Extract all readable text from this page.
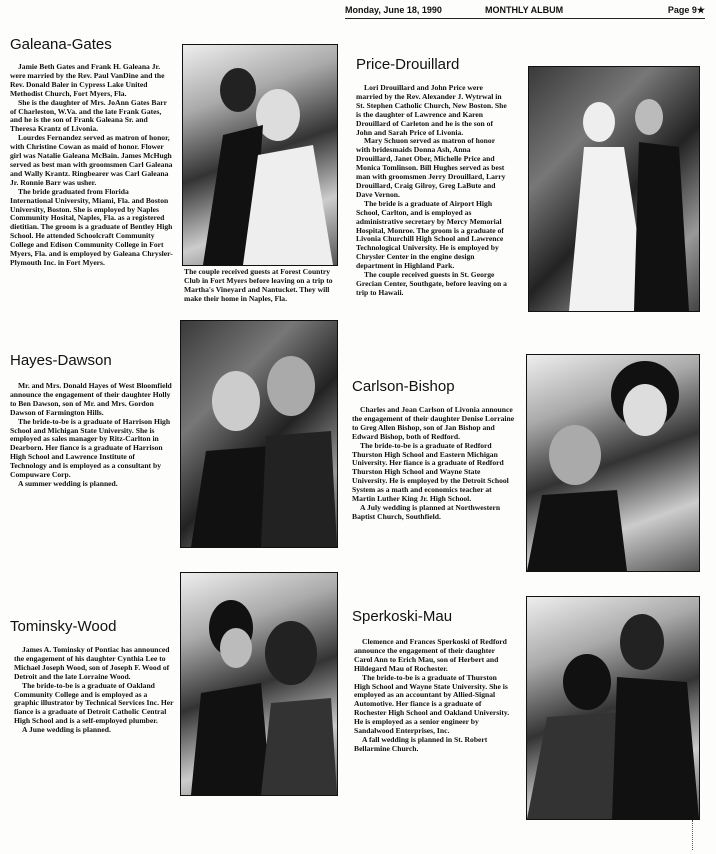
Monday, June 18, 1990	MONTHLY ALBUM	Page 9★
Galeana-Gates

Jamie Beth Gates and Frank H. Galeana Jr. were married by the Rev. Paul VanDine and the Rev. Donald Baler in Cypress Lake United Methodist Church, Fort Myers, Fla.

She is the daughter of Mrs. JoAnn Gates Barr of Charleston, W.Va. and the late Frank Gates, and he is the son of Frank Galeana Sr. and Theresa Krantz of Livonia.

Lourdes Fernandez served as matron of honor, with Christine Cowan as maid of honor. Flower girl was Natalie Galeana McBain. James McHugh served as best man with groomsmen Carl Galeana and Wally Krantz. Ringbearer was Carl Galeana Jr. Ronnie Barr was usher.

The bride graduated from Florida International University, Miami, Fla. and Boston University, Boston. She is employed by Naples Community Hosital, Naples, Fla. as a registered dietitian. The groom is a graduate of Bentley High School. He attended Schoolcraft Community College and Edison Community College in Fort Myers, Fla. and is employed by Galeana Chrysler-Plymouth Inc. in Fort Myers.

The couple received guests at Forest Country Club in Fort Myers before leaving on a trip to Martha's Vineyard and Nantucket. They will make their home in Naples, Fla.
Price-Drouillard

Lori Drouillard and John Price were married by the Rev. Alexander J. Wytrwal in St. Stephen Catholic Church, New Boston. She is the daughter of Lawrence and Karen Drouillard of Carleton and he is the son of John and Sarah Price of Livonia.

Mary Schuon served as matron of honor with bridesmaids Donna Ash, Anna Drouillard, Janet Ober, Michelle Price and Monica Tomlinson. Bill Hughes served as best man with groomsmen Jerry Drouillard, Larry Drouillard, Craig Gilroy, Greg LaBute and Dave Vernon.

The bride is a graduate of Airport High School, Carlton, and is employed as administrative secretary by Mercy Memorial Hospital, Monroe. The groom is a graduate of Livonia Churchill High School and Lawrence Technological University. He is employed by Chrysler Center in the engine design department in Highland Park.

The couple received guests in St. George Grecian Center, Southgate, before leaving on a trip to Hawaii.

Hayes-Dawson

Mr. and Mrs. Donald Hayes of West Bloomfield announce the engagement of their daughter Holly to Ben Dawson, son of Mr. and Mrs. Gordon Dawson of Farmington Hills.

The bride-to-be is a graduate of Harrison High School and Michigan State University. She is employed as sales manager by Ritz-Carlton in Dearborn. Her fiance is a graduate of Harrison High School and Lawrence Institute of Technology and is employed as a consultant by Compuware Corp.

A summer wedding is planned.

Carlson-Bishop

Charles and Joan Carlson of Livonia announce the engagement of their daughter Denise Lorraine to Greg Allen Bishop, son of Jan Bishop and Edward Bishop, both of Redford.

The bride-to-be is a graduate of Redford Thurston High School and Eastern Michigan University. Her fiance is a graduate of Redford Thurston High School and Wayne State University. He is employed by the Detroit School System as a math and economics teacher at Martin Luther King Jr. High School.

A July wedding is planned at Northwestern Baptist Church, Southfield.

Tominsky-Wood

James A. Tominsky of Pontiac has announced the engagement of his daughter Cynthia Lee to Michael Joseph Wood, son of Joseph F. Wood of Detroit and the late Lorraine Wood.

The bride-to-be is a graduate of Oakland Community College and is employed as a graphic illustrator by Technical Services Inc. Her fiance is a graduate of Detroit Catholic Central High School and is a self-employed plumber.

A June wedding is planned.

Sperkoski-Mau

Clemence and Frances Sperkoski of Redford announce the engagement of their daughter Carol Ann to Erich Mau, son of Herbert and Hildegard Mau of Rochester.

The bride-to-be is a graduate of Thurston High School and Wayne State University. She is employed as an accountant by Allied-Signal Automotive. Her fiance is a graduate of Rochester High School and Oakland University. He is employed as a senior engineer by Sandalwood Enterprises, Inc.

A fall wedding is planned in St. Robert Bellarmine Church.
